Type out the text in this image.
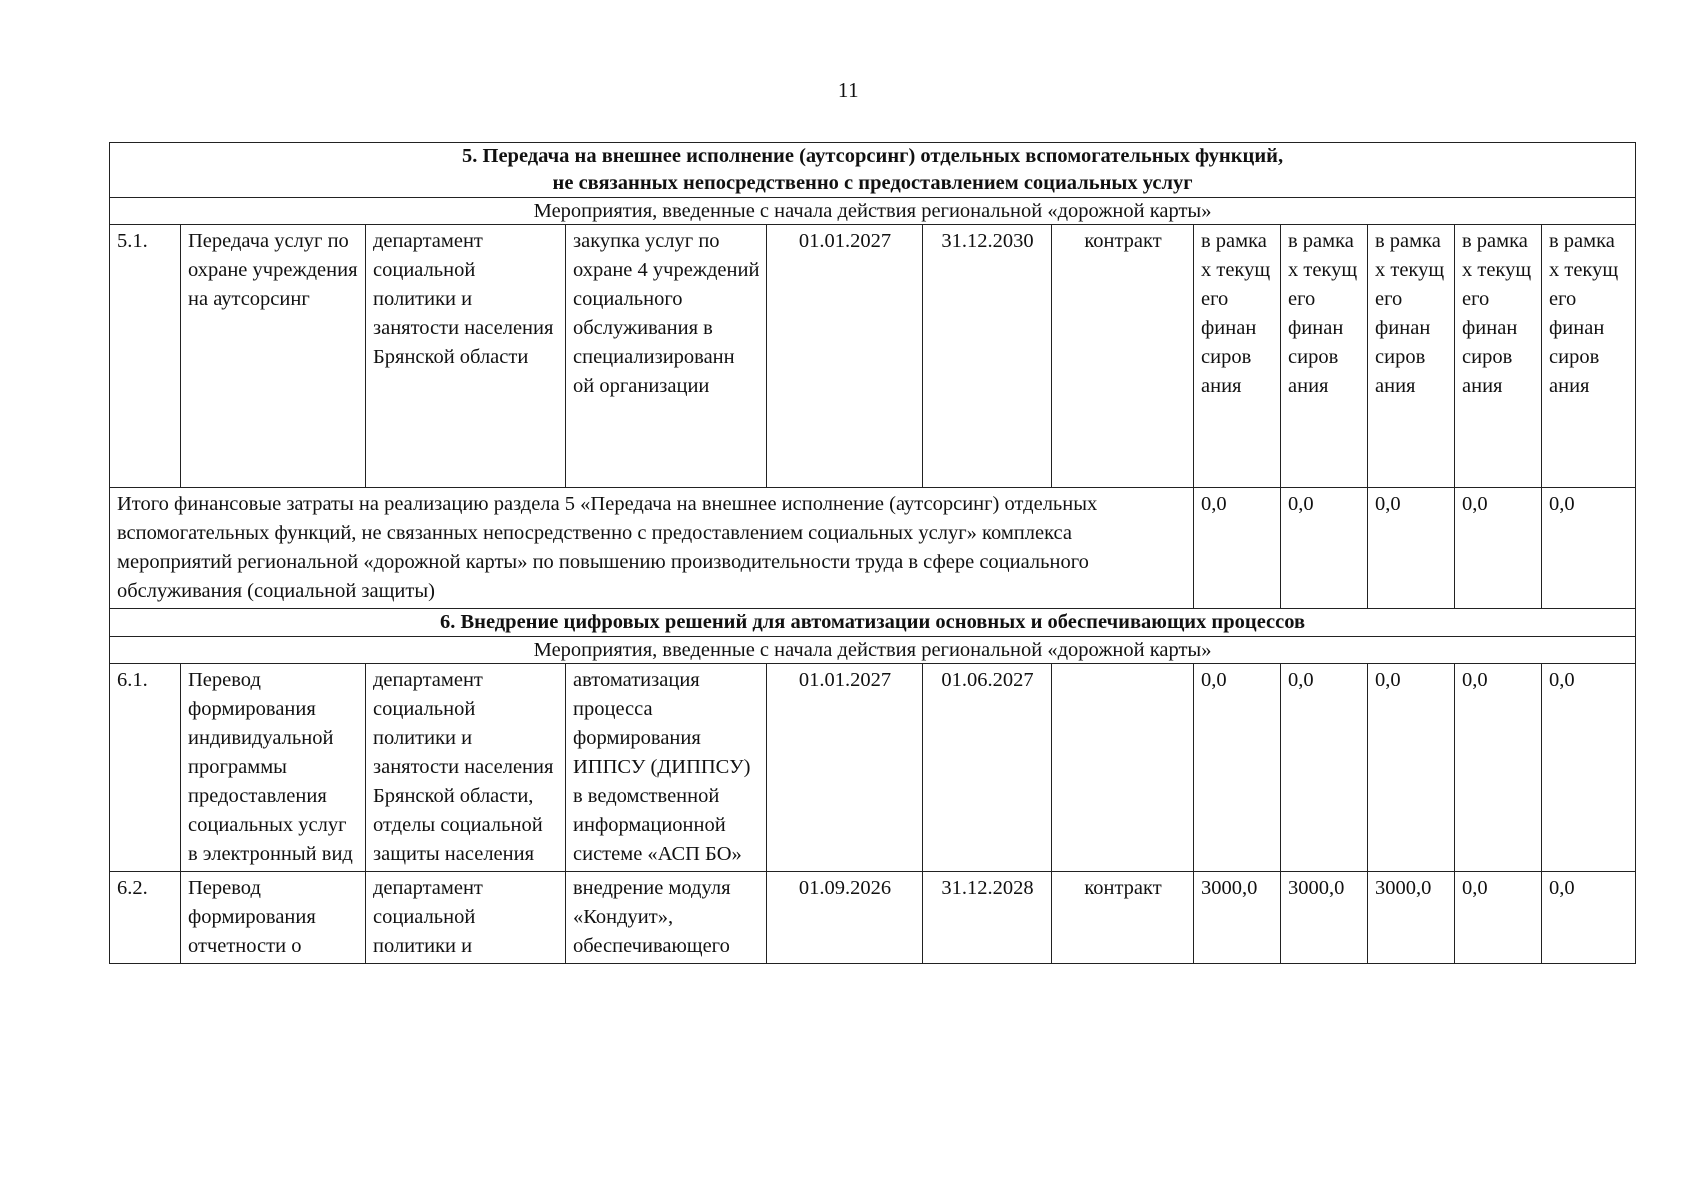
11
5. Передача на внешнее исполнение (аутсорсинг) отдельных вспомогательных функций,
не связанных непосредственно с предоставлением социальных услуг											

Мероприятия, введенные с начала действия региональной «дорожной карты»											
5.1.	Передача услуг по охране учреждения на аутсорсинг	департамент социальной политики и занятости населения Брянской области	закупка услуг по охране 4 учреждений социального обслуживания в специализированн ой организации	01.01.2027	31.12.2030	контракт	в рамка х текущ его финан сиров ания	в рамка х текущ его финан сиров ания	в рамка х текущ его финан сиров ания	в рамка х текущ его финан сиров ания	в рамка х текущ его финан сиров ания
Итого финансовые затраты на реализацию раздела 5 «Передача на внешнее исполнение (аутсорсинг) отдельных вспомогательных функций, не связанных непосредственно с предоставлением социальных услуг» комплекса мероприятий региональной «дорожной карты» по повышению производительности труда в сфере социального обслуживания (социальной защиты)							0,0	0,0	0,0	0,0	0,0
6. Внедрение цифровых решений для автоматизации основных и обеспечивающих процессов											
Мероприятия, введенные с начала действия региональной «дорожной карты»											
6.1.	Перевод формирования индивидуальной программы предоставления социальных услуг в электронный вид	департамент социальной политики и занятости населения Брянской области, отделы социальной защиты населения	автоматизация процесса формирования ИППСУ (ДИППСУ) в ведомственной информационной системе «АСП БО»	01.01.2027	01.06.2027		0,0	0,0	0,0	0,0	0,0
6.2.	Перевод формирования отчетности о	департамент социальной политики и	внедрение модуля «Кондуит», обеспечивающего	01.09.2026	31.12.2028	контракт	3000,0	3000,0	3000,0	0,0	0,0
